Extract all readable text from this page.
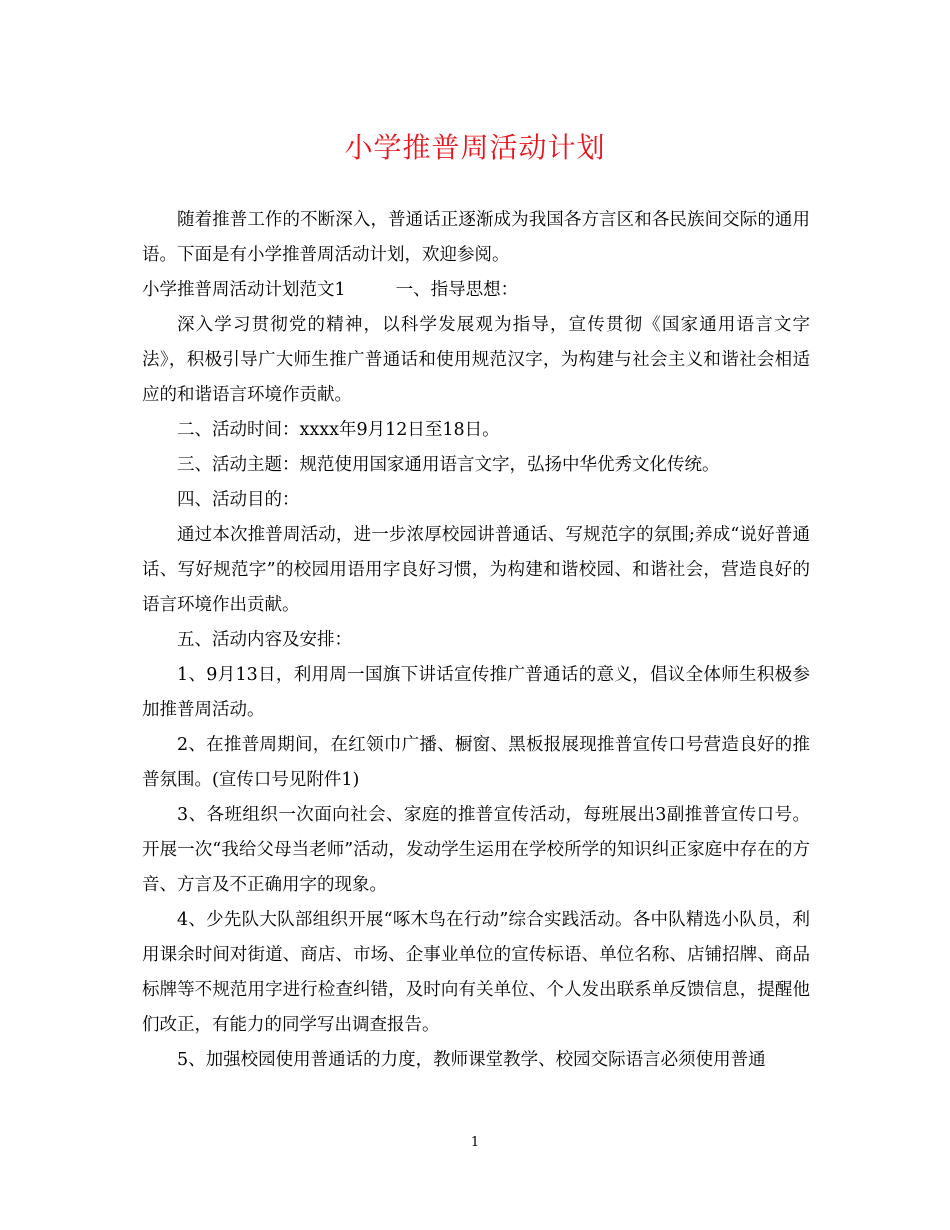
小学推普周活动计划

随着推普工作的不断深入，普通话正逐渐成为我国各方言区和各民族间交际的通用语。下面是有小学推普周活动计划，欢迎参阅。

小学推普周活动计划范文1	一、指导思想：

深入学习贯彻党的精神，以科学发展观为指导，宣传贯彻《国家通用语言文字法》，积极引导广大师生推广普通话和使用规范汉字，为构建与社会主义和谐社会相适应的和谐语言环境作贡献。

二、活动时间：xxxx年9月12日至18日。

三、活动主题：规范使用国家通用语言文字，弘扬中华优秀文化传统。

四、活动目的：

通过本次推普周活动，进一步浓厚校园讲普通话、写规范字的氛围;养成“说好普通话、写好规范字”的校园用语用字良好习惯，为构建和谐校园、和谐社会，营造良好的语言环境作出贡献。

五、活动内容及安排：

1、9月13日，利用周一国旗下讲话宣传推广普通话的意义，倡议全体师生积极参加推普周活动。

2、在推普周期间，在红领巾广播、橱窗、黑板报展现推普宣传口号营造良好的推普氛围。(宣传口号见附件1)

3、各班组织一次面向社会、家庭的推普宣传活动，每班展出3副推普宣传口号。开展一次“我给父母当老师”活动，发动学生运用在学校所学的知识纠正家庭中存在的方音、方言及不正确用字的现象。

4、少先队大队部组织开展“啄木鸟在行动”综合实践活动。各中队精选小队员，利用课余时间对街道、商店、市场、企事业单位的宣传标语、单位名称、店铺招牌、商品标牌等不规范用字进行检查纠错，及时向有关单位、个人发出联系单反馈信息，提醒他们改正，有能力的同学写出调查报告。

5、加强校园使用普通话的力度，教师课堂教学、校园交际语言必须使用普通

1
